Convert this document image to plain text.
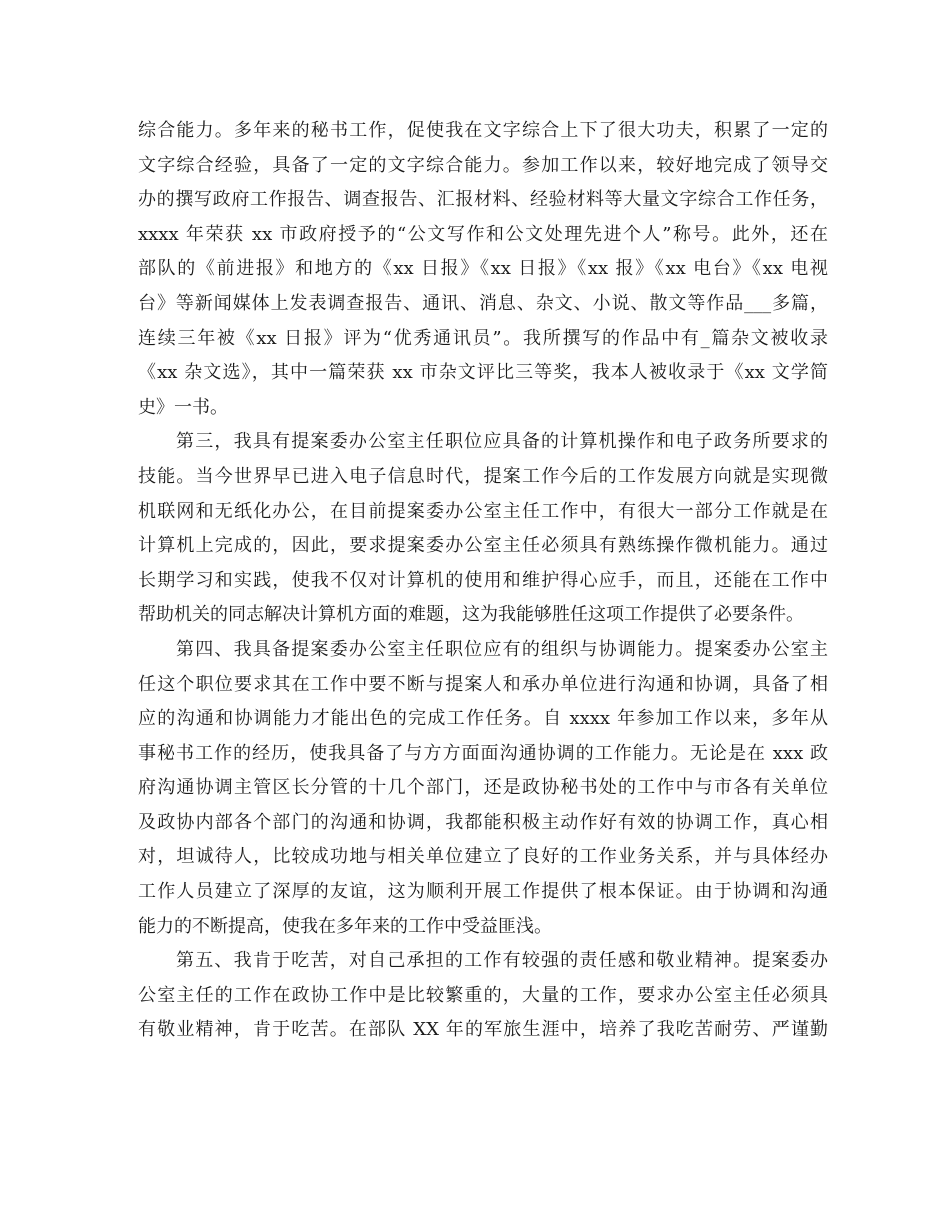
综合能力。多年来的秘书工作，促使我在文字综合上下了很大功夫，积累了一定的
文字综合经验，具备了一定的文字综合能力。参加工作以来，较好地完成了领导交
办的撰写政府工作报告、调查报告、汇报材料、经验材料等大量文字综合工作任务，
xxxx 年荣获 xx 市政府授予的“公文写作和公文处理先进个人”称号。此外，还在
部队的《前进报》和地方的《xx 日报》《xx 日报》《xx 报》《xx 电台》《xx 电视
台》等新闻媒体上发表调查报告、通讯、消息、杂文、小说、散文等作品___多篇，
连续三年被《xx 日报》评为“优秀通讯员”。我所撰写的作品中有_篇杂文被收录
《xx 杂文选》，其中一篇荣获 xx 市杂文评比三等奖，我本人被收录于《xx 文学简
史》一书。
第三，我具有提案委办公室主任职位应具备的计算机操作和电子政务所要求的
技能。当今世界早已进入电子信息时代，提案工作今后的工作发展方向就是实现微
机联网和无纸化办公，在目前提案委办公室主任工作中，有很大一部分工作就是在
计算机上完成的，因此，要求提案委办公室主任必须具有熟练操作微机能力。通过
长期学习和实践，使我不仅对计算机的使用和维护得心应手，而且，还能在工作中
帮助机关的同志解决计算机方面的难题，这为我能够胜任这项工作提供了必要条件。
第四、我具备提案委办公室主任职位应有的组织与协调能力。提案委办公室主
任这个职位要求其在工作中要不断与提案人和承办单位进行沟通和协调，具备了相
应的沟通和协调能力才能出色的完成工作任务。自 xxxx 年参加工作以来，多年从
事秘书工作的经历，使我具备了与方方面面沟通协调的工作能力。无论是在 xxx 政
府沟通协调主管区长分管的十几个部门，还是政协秘书处的工作中与市各有关单位
及政协内部各个部门的沟通和协调，我都能积极主动作好有效的协调工作，真心相
对，坦诚待人，比较成功地与相关单位建立了良好的工作业务关系，并与具体经办
工作人员建立了深厚的友谊，这为顺利开展工作提供了根本保证。由于协调和沟通
能力的不断提高，使我在多年来的工作中受益匪浅。
第五、我肯于吃苦，对自己承担的工作有较强的责任感和敬业精神。提案委办
公室主任的工作在政协工作中是比较繁重的，大量的工作，要求办公室主任必须具
有敬业精神，肯于吃苦。在部队 XX 年的军旅生涯中，培养了我吃苦耐劳、严谨勤
